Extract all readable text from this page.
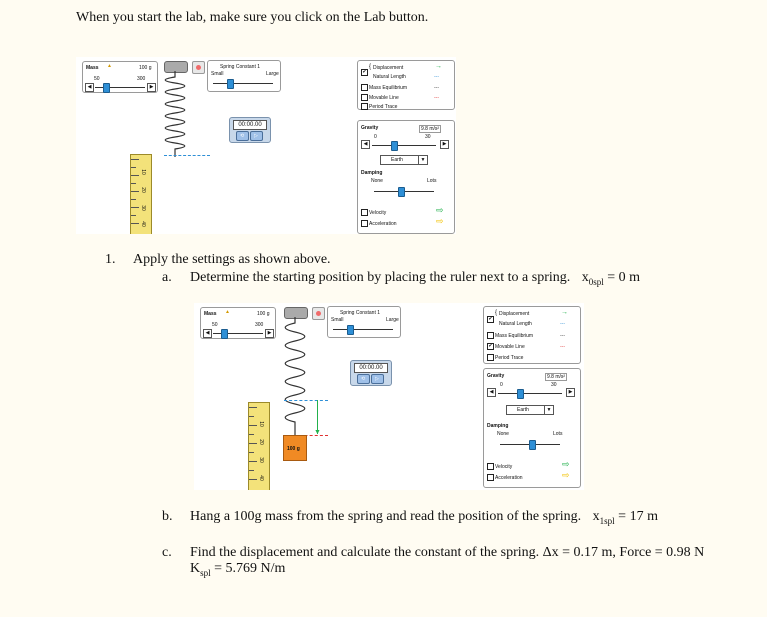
When you start the lab, make sure you click on the Lab button.
Mass ▲	100 g
50	300
◀	▶
Spring Constant 1
Small	Large
00:00.00
⟲ ▷
10
20
30
40
✔
{ Displacement
Natural Length
→
---
Mass Equilibrium	---
Movable Line	---
Period Trace
Gravity	9.8 m/s²
0	30
◀	▶
Earth	▼
Damping
None	Lots
Velocity	⇨
Acceleration	⇨
1. Apply the settings as shown above.
a. Determine the starting position by placing the ruler next to a spring. $x_{0spl} = 0$ m
Mass ▲	100 g
50	300
◀	▶
Spring Constant 1
Small	Large
▼
100 g
00:00.00
⟲ ▷
10
20
30
40
✔
{ Displacement
Natural Length
→
---
Mass Equilibrium	---
✔ Movable Line	---
Period Trace
Gravity	9.8 m/s²
0	30
◀	▶
Earth	▼
Damping
None	Lots
Velocity	⇨
Acceleration	⇨
b. Hang a 100g mass from the spring and read the position of the spring. $x_{1spl} = 17$ m
c. Find the displacement and calculate the constant of the spring. Δx = 0.17 m, Force = 0.98 N
$K_{spl} = 5.769$ N/m
